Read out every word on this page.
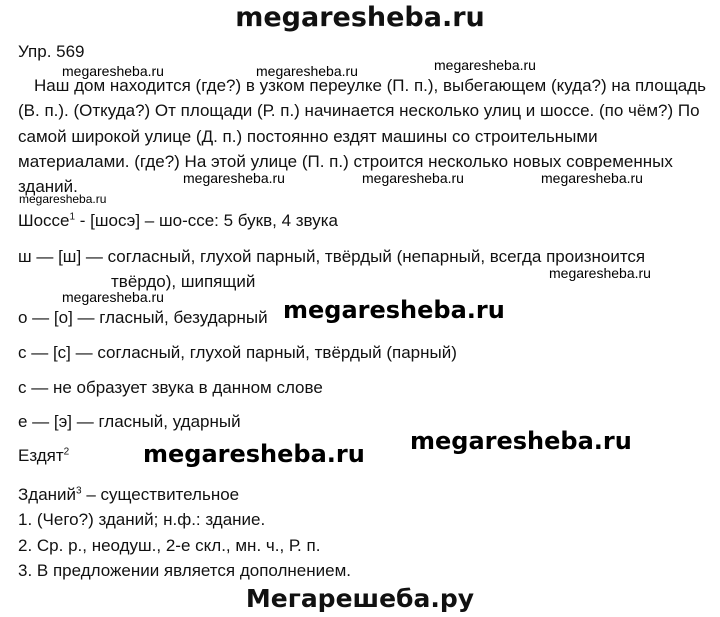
megaresheba.ru
Упр. 569
megaresheba.ru
megaresheba.ru	megaresheba.ru
Наш дом находится (где?) в узком переулке (П. п.), выбегающем (куда?) на площадь
(В. п.). (Откуда?) От площади (Р. п.) начинается несколько улиц и шоссе. (по чём?) По
самой широкой улице (Д. п.) постоянно ездят машины со строительными
материалами. (где?) На этой улице (П. п.) строится несколько новых современных
зданий.	megaresheba.ru	megaresheba.ru	megaresheba.ru
megaresheba.ru
Шоссе$^1$ - [шосэ] – шо-ссе: 5 букв, 4 звука
ш — [ш] — согласный, глухой парный, твёрдый (непарный, всегда произноится
megaresheba.ru
твёрдо), шипящий
megaresheba.ru	megaresheba.ru
о — [о] — гласный, безударный
с — [с] — согласный, глухой парный, твёрдый (парный)
с — не образует звука в данном слове
е — [э] — гласный, ударный
megaresheba.ru
megaresheba.ru
Ездят$^2$
Зданий$^3$ – существительное
1. (Чего?) зданий; н.ф.: здание.
2. Ср. р., неодуш., 2-е скл., мн. ч., Р. п.
3. В предложении является дополнением.
Мегарешеба.ру
